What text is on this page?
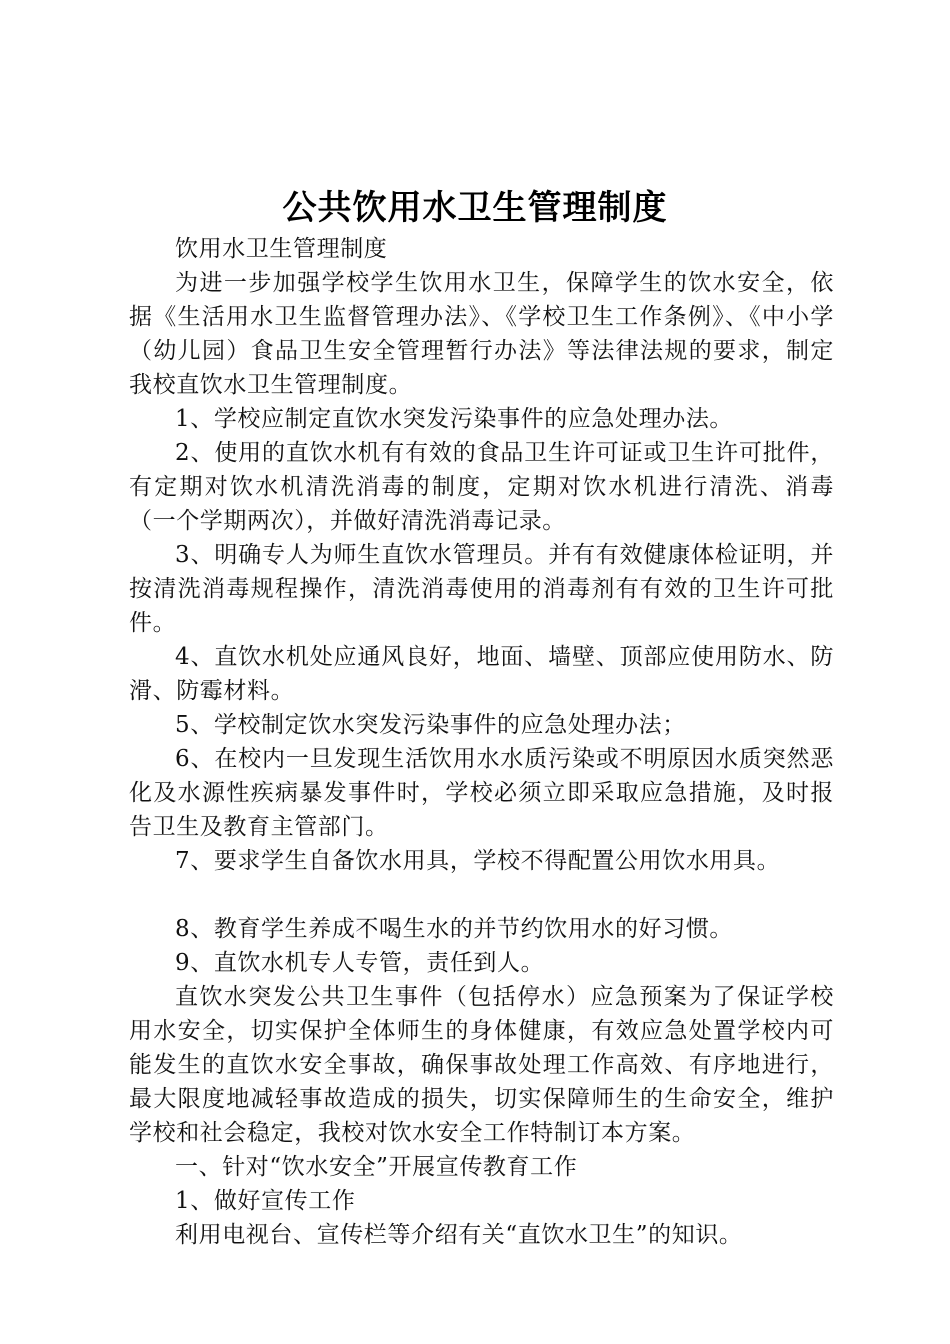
公共饮用水卫生管理制度

饮用水卫生管理制度

为进一步加强学校学生饮用水卫生，保障学生的饮水安全，依据《生活用水卫生监督管理办法》、《学校卫生工作条例》、《中小学（幼儿园）食品卫生安全管理暂行办法》等法律法规的要求，制定我校直饮水卫生管理制度。

1、学校应制定直饮水突发污染事件的应急处理办法。

2、使用的直饮水机有有效的食品卫生许可证或卫生许可批件，有定期对饮水机清洗消毒的制度，定期对饮水机进行清洗、消毒（一个学期两次），并做好清洗消毒记录。

3、明确专人为师生直饮水管理员。并有有效健康体检证明，并按清洗消毒规程操作，清洗消毒使用的消毒剂有有效的卫生许可批件。

4、直饮水机处应通风良好，地面、墙壁、顶部应使用防水、防滑、防霉材料。

5、学校制定饮水突发污染事件的应急处理办法；

6、在校内一旦发现生活饮用水水质污染或不明原因水质突然恶化及水源性疾病暴发事件时，学校必须立即采取应急措施，及时报告卫生及教育主管部门。

7、要求学生自备饮水用具，学校不得配置公用饮水用具。

8、教育学生养成不喝生水的并节约饮用水的好习惯。

9、直饮水机专人专管，责任到人。

直饮水突发公共卫生事件（包括停水）应急预案为了保证学校用水安全，切实保护全体师生的身体健康，有效应急处置学校内可能发生的直饮水安全事故，确保事故处理工作高效、有序地进行，最大限度地减轻事故造成的损失，切实保障师生的生命安全，维护学校和社会稳定，我校对饮水安全工作特制订本方案。

一、针对“饮水安全”开展宣传教育工作

1、做好宣传工作

利用电视台、宣传栏等介绍有关“直饮水卫生”的知识。
